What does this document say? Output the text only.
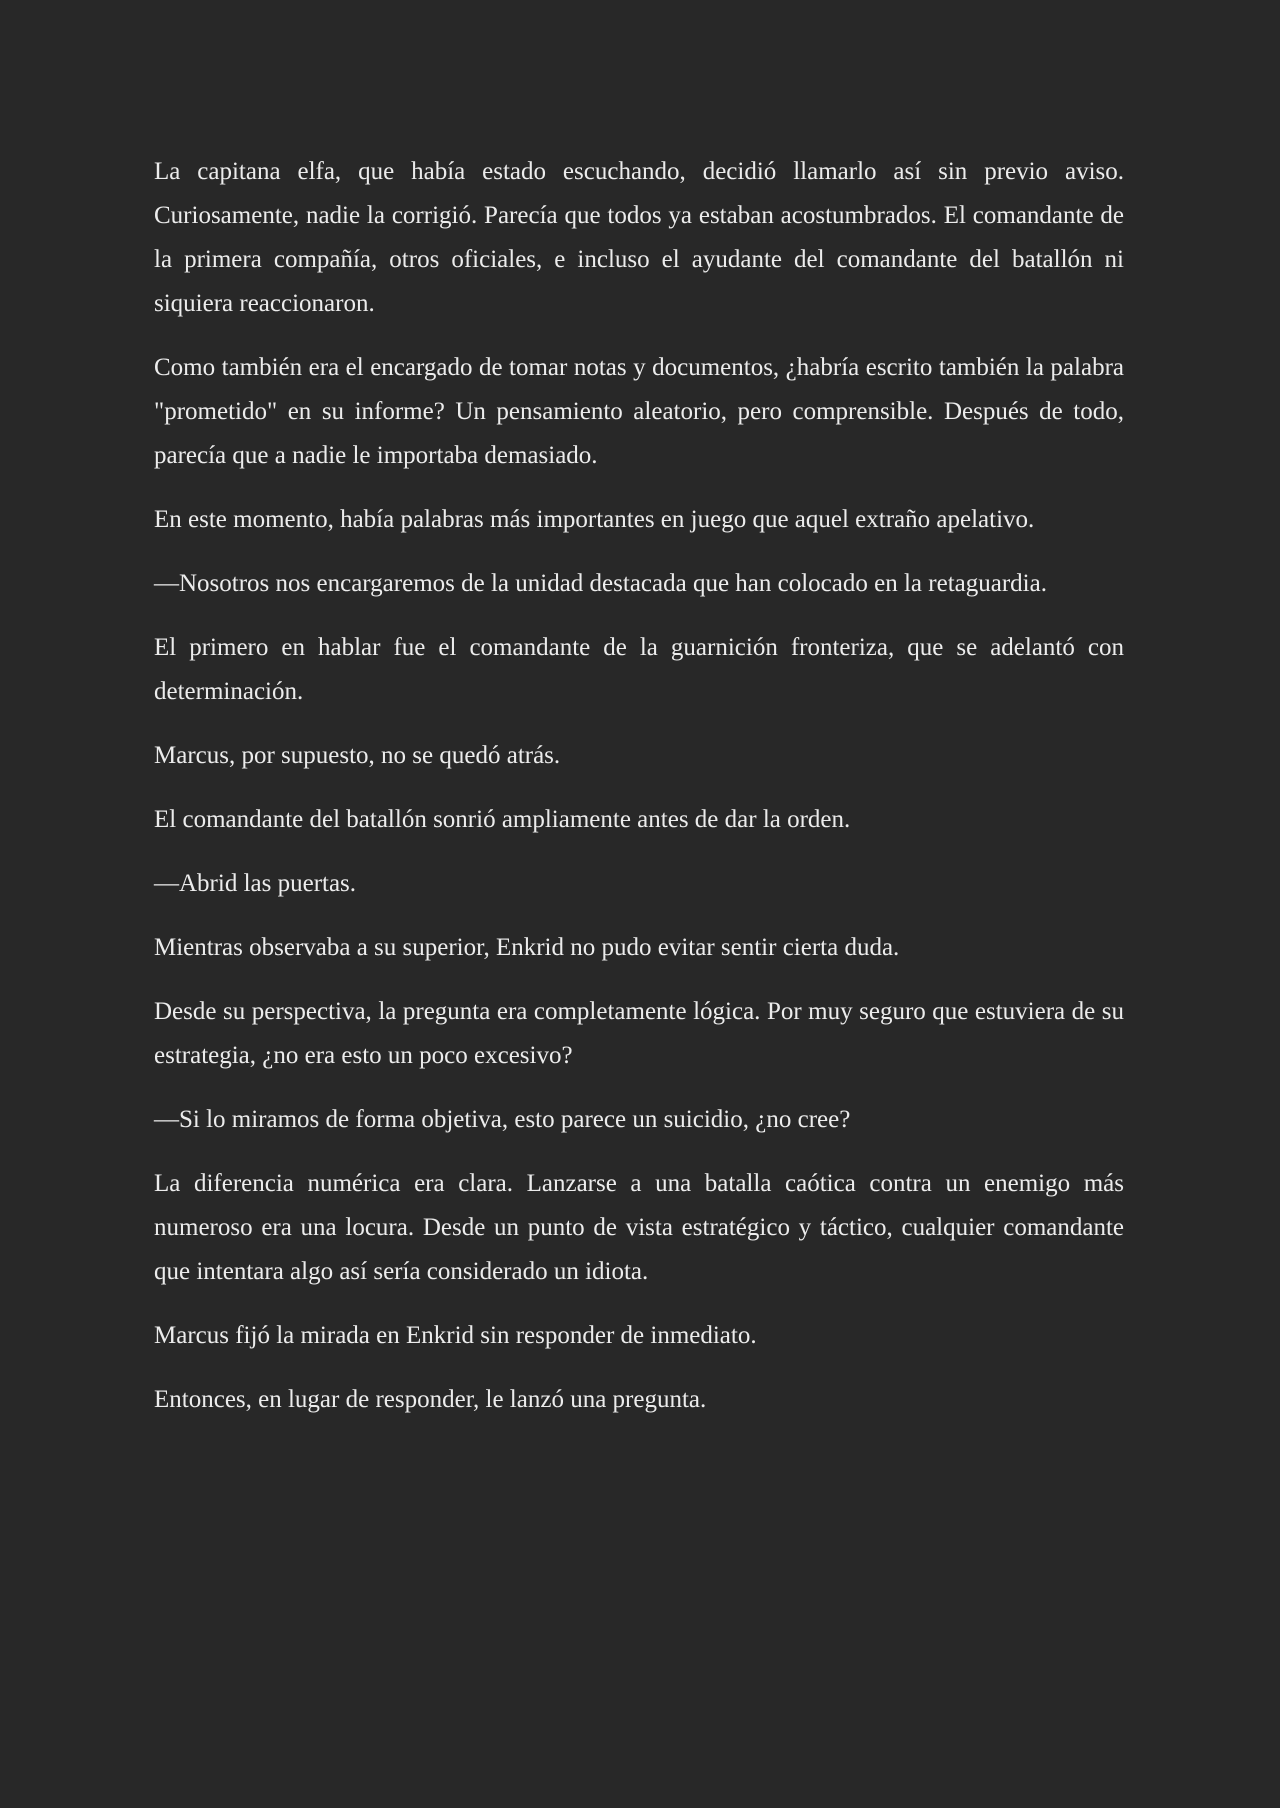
La capitana elfa, que había estado escuchando, decidió llamarlo así sin previo aviso. Curiosamente, nadie la corrigió. Parecía que todos ya estaban acostumbrados. El comandante de la primera compañía, otros oficiales, e incluso el ayudante del comandante del batallón ni siquiera reaccionaron.

Como también era el encargado de tomar notas y documentos, ¿habría escrito también la palabra "prometido" en su informe? Un pensamiento aleatorio, pero comprensible. Después de todo, parecía que a nadie le importaba demasiado.

En este momento, había palabras más importantes en juego que aquel extraño apelativo.

—Nosotros nos encargaremos de la unidad destacada que han colocado en la retaguardia.

El primero en hablar fue el comandante de la guarnición fronteriza, que se adelantó con determinación.

Marcus, por supuesto, no se quedó atrás.

El comandante del batallón sonrió ampliamente antes de dar la orden.

—Abrid las puertas.

Mientras observaba a su superior, Enkrid no pudo evitar sentir cierta duda.

Desde su perspectiva, la pregunta era completamente lógica. Por muy seguro que estuviera de su estrategia, ¿no era esto un poco excesivo?

—Si lo miramos de forma objetiva, esto parece un suicidio, ¿no cree?

La diferencia numérica era clara. Lanzarse a una batalla caótica contra un enemigo más numeroso era una locura. Desde un punto de vista estratégico y táctico, cualquier comandante que intentara algo así sería considerado un idiota.

Marcus fijó la mirada en Enkrid sin responder de inmediato.

Entonces, en lugar de responder, le lanzó una pregunta.
